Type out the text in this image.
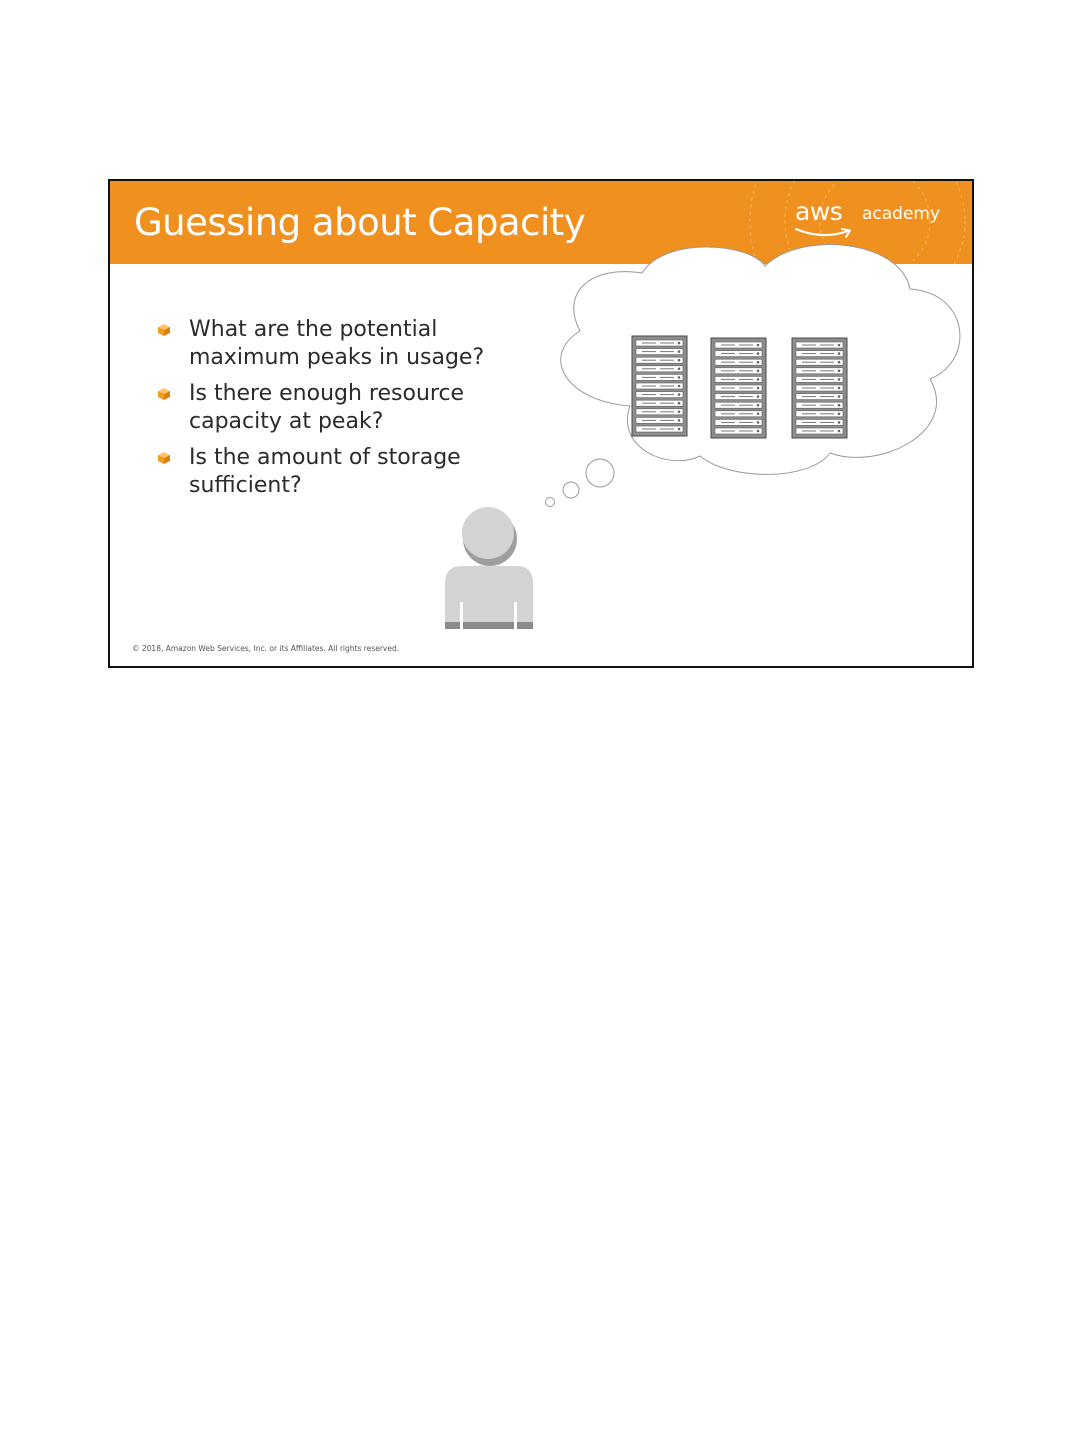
Guessing about Capacity	aws academy
What are the potential maximum peaks in usage?
Is there enough resource capacity at peak?
Is the amount of storage sufficient?
© 2018, Amazon Web Services, Inc. or its Affiliates. All rights reserved.
